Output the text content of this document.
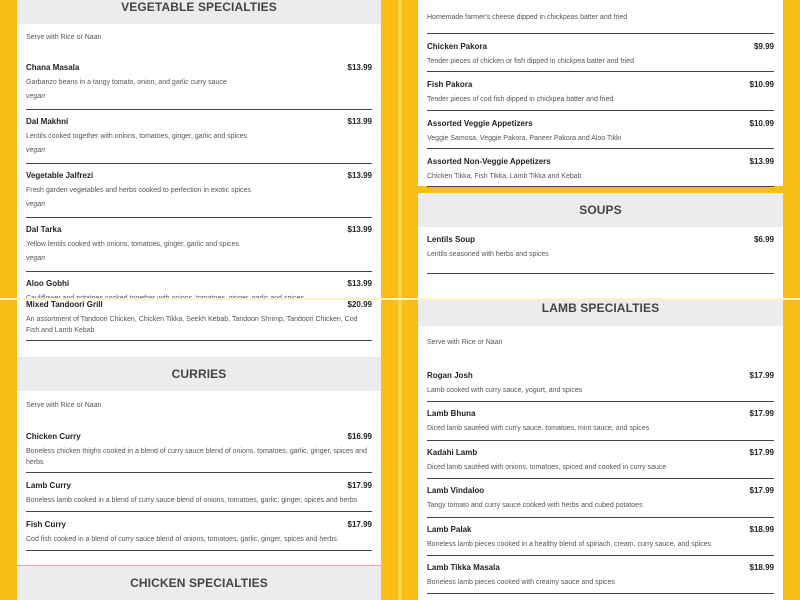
VEGETABLE SPECIALTIES
Serve with Rice or Naan
Chana Masala	$13.99
Garbanzo beans in a tangy tomato, onion, and garlic curry sauce
vegan
Dal Makhni	$13.99
Lentils cooked together with onions, tomatoes, ginger, garlic and spices
vegan
Vegetable Jalfrezi	$13.99
Fresh garden vegetables and herbs cooked to perfection in exotic spices
vegan
Dal Tarka	$13.99
Yellow lentils cooked with onions, tomatoes, ginger, garlic and spices
vegan
Aloo Gobhi	$13.99
Homemade farmer's cheese dipped in chickpeas batter and fried
Chicken Pakora	$9.99
Tender pieces of chicken or fish dipped in chickpea batter and fried
Fish Pakora	$10.99
Tender pieces of cod fish dipped in chickpea batter and fried
Assorted Veggie Appetizers	$10.99
Veggie Samosa, Veggie Pakora, Paneer Pakora and Aloo Tikki
Assorted Non-Veggie Appetizers	$13.99
Chicken Tikka, Fish Tikka, Lamb Tikka and Kebab
SOUPS
Lentils Soup	$6.99
Lentils seasoned with herbs and spices
Mixed Tandoori Grill	$20.99
An assortment of Tandoori Chicken, Chicken Tikka, Seekh Kebab, Tandoori Shrimp, Tandoori Chicken, Cod Fish and Lamb Kebab
CURRIES
Serve with Rice or Naan
Chicken Curry	$16.99
Boneless chicken thighs cooked in a blend of curry sauce blend of onions, tomatoes, garlic, ginger, spices and herbs
Lamb Curry	$17.99
Boneless lamb cooked in a blend of curry sauce blend of onions, tomatoes, garlic, ginger, spices and herbs
Fish Curry	$17.99
Cod fish cooked in a blend of curry sauce blend of onions, tomatoes, garlic, ginger, spices and herbs
CHICKEN SPECIALTIES
LAMB SPECIALTIES
Serve with Rice or Naan
Rogan Josh	$17.99
Lamb cooked with curry sauce, yogurt, and spices
Lamb Bhuna	$17.99
Diced lamb sautéed with curry sauce, tomatoes, mint sauce, and spices
Kadahi Lamb	$17.99
Diced lamb sautéed with onions, tomatoes, spiced and cooked in curry sauce
Lamb Vindaloo	$17.99
Tangy tomato and curry sauce cooked with herbs and cubed potatoes
Lamb Palak	$18.99
Boneless lamb pieces cooked in a healthy blend of spinach, cream, curry sauce, and spices
Lamb Tikka Masala	$18.99
Boneless lamb pieces cooked with creamy sauce and spices
